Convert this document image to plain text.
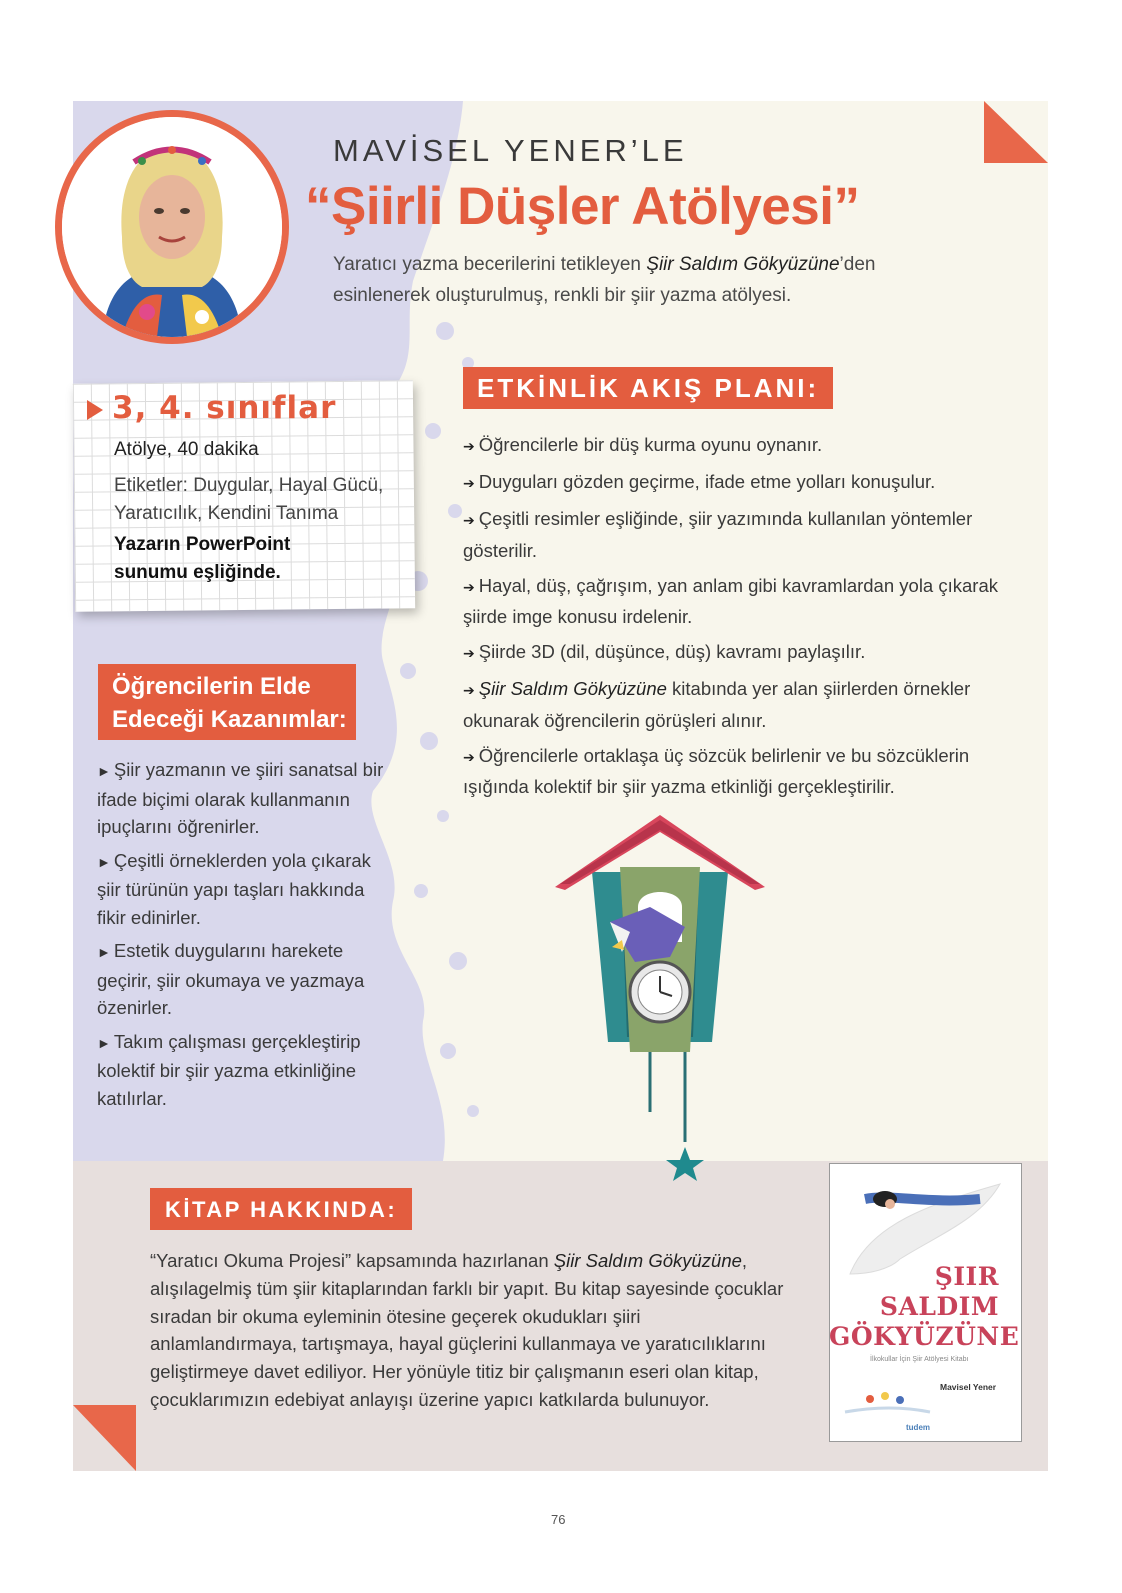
MAVİSEL YENER’LE
“Şiirli Düşler Atölyesi”
Yaratıcı yazma becerilerini tetikleyen Şiir Saldım Gökyüzüne’den esinlenerek oluşturulmuş, renkli bir şiir yazma atölyesi.
3, 4. sınıflar
Atölye, 40 dakika
Etiketler: Duygular, Hayal Gücü, Yaratıcılık, Kendini Tanıma
Yazarın PowerPoint sunumu eşliğinde.
ETKİNLİK AKIŞ PLANI:
➔ Öğrencilerle bir düş kurma oyunu oynanır.
➔ Duyguları gözden geçirme, ifade etme yolları konuşulur.
➔ Çeşitli resimler eşliğinde, şiir yazımında kullanılan yöntemler gösterilir.
➔ Hayal, düş, çağrışım, yan anlam gibi kavramlardan yola çıkarak şiirde imge konusu irdelenir.
➔ Şiirde 3D (dil, düşünce, düş) kavramı paylaşılır.
➔ Şiir Saldım Gökyüzüne kitabında yer alan şiirlerden örnekler okunarak öğrencilerin görüşleri alınır.
➔ Öğrencilerle ortaklaşa üç sözcük belirlenir ve bu sözcüklerin ışığında kolektif bir şiir yazma etkinliği gerçekleştirilir.
Öğrencilerin Elde Edeceği Kazanımlar:
► Şiir yazmanın ve şiiri sanatsal bir ifade biçimi olarak kullanmanın ipuçlarını öğrenirler.
► Çeşitli örneklerden yola çıkarak şiir türünün yapı taşları hakkında fikir edinirler.
► Estetik duygularını harekete geçirir, şiir okumaya ve yazmaya özenirler.
► Takım çalışması gerçekleştirip kolektif bir şiir yazma etkinliğine katılırlar.
KİTAP HAKKINDA:
“Yaratıcı Okuma Projesi” kapsamında hazırlanan Şiir Saldım Gökyüzüne, alışılagelmiş tüm şiir kitaplarından farklı bir yapıt. Bu kitap sayesinde çocuklar sıradan bir okuma eyleminin ötesine geçerek okudukları şiiri anlamlandırmaya, tartışmaya, hayal güçlerini kullanmaya ve yaratıcılıklarını geliştirmeye davet ediliyor. Her yönüyle titiz bir çalışmanın eseri olan kitap, çocuklarımızın edebiyat anlayışı üzerine yapıcı katkılarda bulunuyor.
ŞIIR
SALDIM
GÖKYÜZÜNE
İlkokullar İçin Şiir Atölyesi Kitabı
Mavisel Yener
tudem
76
